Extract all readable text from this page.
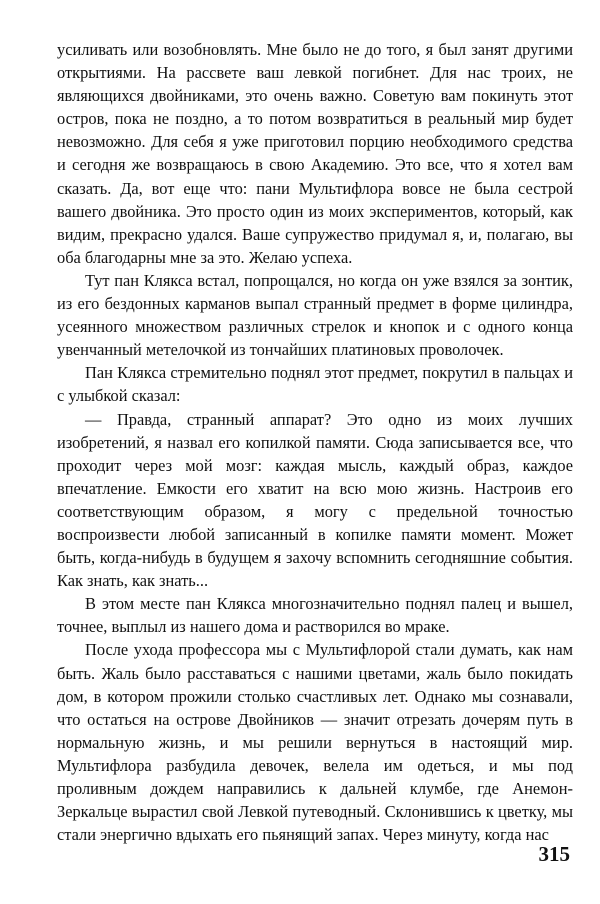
усиливать или возобновлять. Мне было не до того, я был занят другими открытиями. На рассвете ваш левкой погибнет. Для нас троих, не являющихся двойниками, это очень важно. Советую вам покинуть этот остров, пока не поздно, а то потом возвратиться в реальный мир будет невозможно. Для себя я уже приготовил порцию необходимого средства и сегодня же возвращаюсь в свою Академию. Это все, что я хотел вам сказать. Да, вот еще что: пани Мультифлора вовсе не была сестрой вашего двойника. Это просто один из моих экспериментов, который, как видим, прекрасно удался. Ваше супружество придумал я, и, полагаю, вы оба благодарны мне за это. Желаю успеха.

Тут пан Клякса встал, попрощался, но когда он уже взялся за зонтик, из его бездонных карманов выпал странный предмет в форме цилиндра, усеянного множеством различных стрелок и кнопок и с одного конца увенчанный метелочкой из тончайших платиновых проволочек.

Пан Клякса стремительно поднял этот предмет, покрутил в пальцах и с улыбкой сказал:

— Правда, странный аппарат? Это одно из моих лучших изобретений, я назвал его копилкой памяти. Сюда записывается все, что проходит через мой мозг: каждая мысль, каждый образ, каждое впечатление. Емкости его хватит на всю мою жизнь. Настроив его соответствующим образом, я могу с предельной точностью воспроизвести любой записанный в копилке памяти момент. Может быть, когда-нибудь в будущем я захочу вспомнить сегодняшние события. Как знать, как знать...

В этом месте пан Клякса многозначительно поднял палец и вышел, точнее, выплыл из нашего дома и растворился во мраке.

После ухода профессора мы с Мультифлорой стали думать, как нам быть. Жаль было расставаться с нашими цветами, жаль было покидать дом, в котором прожили столько счастливых лет. Однако мы сознавали, что остаться на острове Двойников — значит отрезать дочерям путь в нормальную жизнь, и мы решили вернуться в настоящий мир. Мультифлора разбудила девочек, велела им одеться, и мы под проливным дождем направились к дальней клумбе, где Анемон-Зеркальце вырастил свой Левкой путеводный. Склонившись к цветку, мы стали энергично вдыхать его пьянящий запах. Через минуту, когда нас

315
